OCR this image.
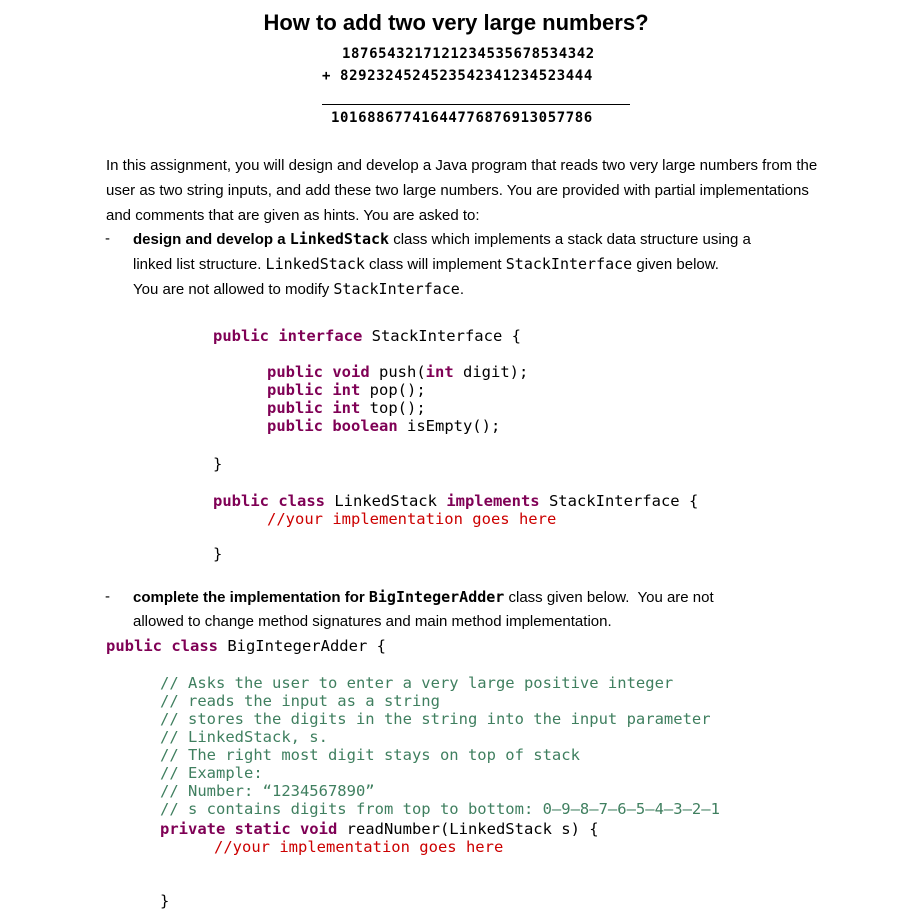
How to add two very large numbers?
1876543217121234535678534342
+ 8292324524523542341234523444
10168867741644776876913057786
In this assignment, you will design and develop a Java program that reads two very large numbers from the user as two string inputs, and add these two large numbers. You are provided with partial implementations and comments that are given as hints. You are asked to:
- design and develop a LinkedStack class which implements a stack data structure using a
linked list structure. LinkedStack class will implement StackInterface given below.
You are not allowed to modify StackInterface.
public interface StackInterface {
public void push(int digit);
public int pop();
public int top();
public boolean isEmpty();
}
public class LinkedStack implements StackInterface {
//your implementation goes here
}
- complete the implementation for BigIntegerAdder class given below.  You are not
allowed to change method signatures and main method implementation.
public class BigIntegerAdder {
// Asks the user to enter a very large positive integer
// reads the input as a string
// stores the digits in the string into the input parameter
// LinkedStack, s.
// The right most digit stays on top of stack
// Example:
// Number: “1234567890”
// s contains digits from top to bottom: 0–9–8–7–6–5–4–3–2–1
private static void readNumber(LinkedStack s) {
//your implementation goes here
}
